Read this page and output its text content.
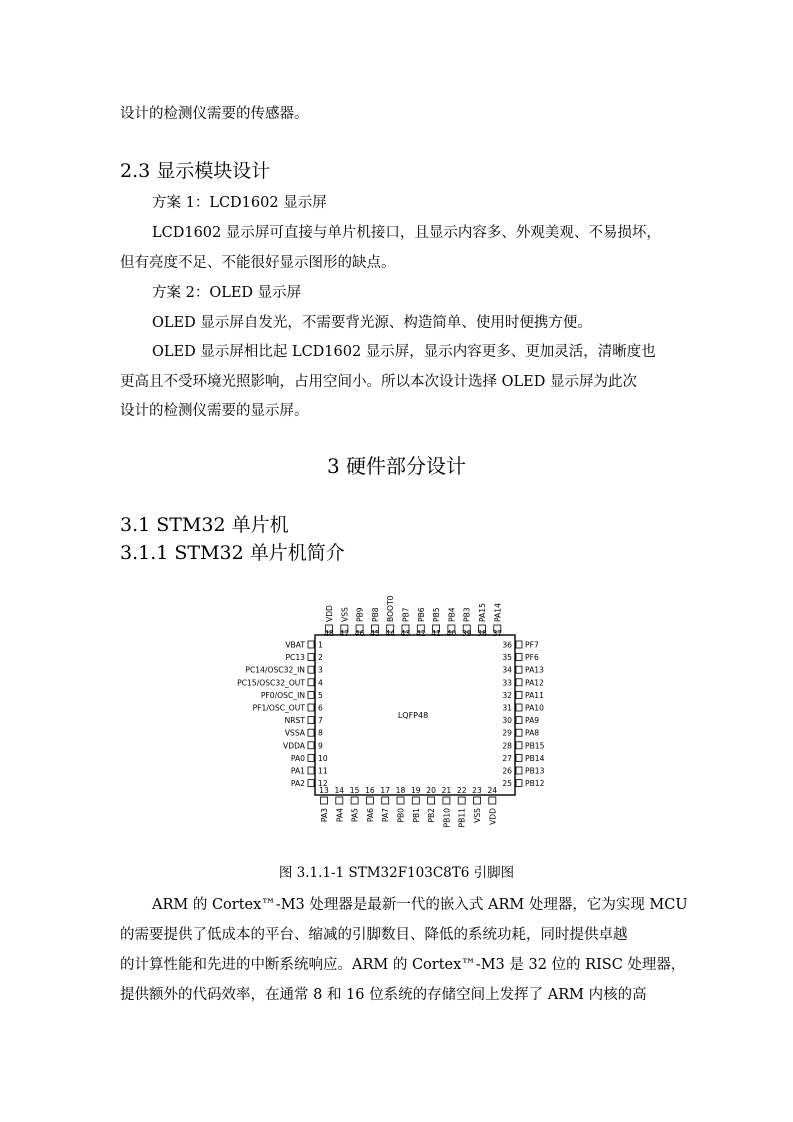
设计的检测仪需要的传感器。
2.3 显示模块设计
方案 1：LCD1602 显示屏
LCD1602 显示屏可直接与单片机接口，且显示内容多、外观美观、不易损坏，
但有亮度不足、不能很好显示图形的缺点。
方案 2：OLED 显示屏
OLED 显示屏自发光，不需要背光源、构造简单、使用时便携方便。
OLED 显示屏相比起 LCD1602 显示屏，显示内容更多、更加灵活，清晰度也
更高且不受环境光照影响，占用空间小。所以本次设计选择 OLED 显示屏为此次
设计的检测仪需要的显示屏。
3 硬件部分设计
3.1 STM32 单片机
3.1.1 STM32 单片机简介
LQFP48
VBAT 1
PC13 2
PC14/OSC32_IN 3
PC15/OSC32_OUT 4
PF0/OSC_IN 5
PF1/OSC_OUT 6
NRST 7
VSSA 8
VDDA 9
PA0 10
PA1 11
PA2 12
PF7
36
PF6
35
PA13
34
PA12
33
PA11
32
PA10
31
PA9
30
PA8
29
PB15
28
PB14
27
PB13
26
PB12
25
VDD
48
VSS
47
PB9
46
PB8
45
BOOT0
44
PB7
43
PB6
42
PB5
41
PB4
40
PB3
39
PA15
38
PA14
37
PA3
13
PA4
14
PA5
15
PA6
16
PA7
17
PB0
18
PB1
19
PB2
20
PB10
21
PB11
22
VSS
23
VDD
24
图 3.1.1-1 STM32F103C8T6 引脚图
ARM 的 Cortex™-M3 处理器是最新一代的嵌入式 ARM 处理器，它为实现 MCU
的需要提供了低成本的平台、缩减的引脚数目、降低的系统功耗，同时提供卓越
的计算性能和先进的中断系统响应。ARM 的 Cortex™-M3 是 32 位的 RISC 处理器，
提供额外的代码效率，在通常 8 和 16 位系统的存储空间上发挥了 ARM 内核的高
